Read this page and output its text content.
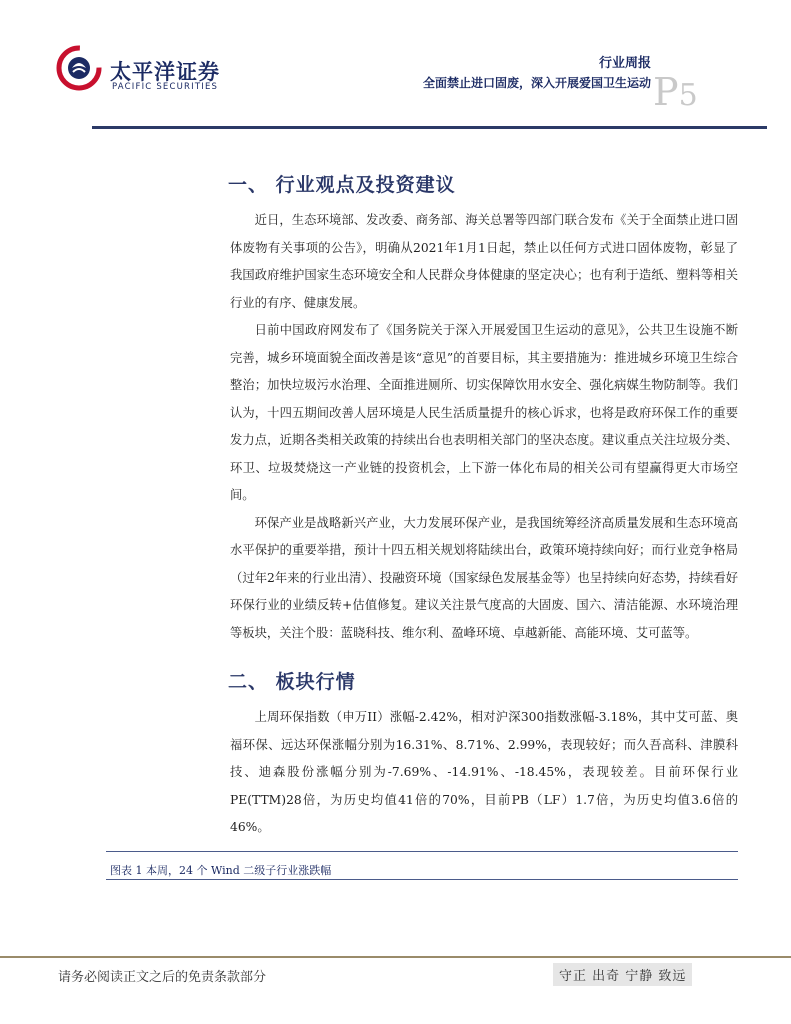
太平洋证券
PACIFIC SECURITIES
行业周报
全面禁止进口固废，深入开展爱国卫生运动 P5
一、 行业观点及投资建议

近日，生态环境部、发改委、商务部、海关总署等四部门联合发布《关于全面禁止进口固体废物有关事项的公告》，明确从2021年1月1日起，禁止以任何方式进口固体废物，彰显了我国政府维护国家生态环境安全和人民群众身体健康的坚定决心；也有利于造纸、塑料等相关行业的有序、健康发展。

日前中国政府网发布了《国务院关于深入开展爱国卫生运动的意见》，公共卫生设施不断完善，城乡环境面貌全面改善是该“意见”的首要目标，其主要措施为：推进城乡环境卫生综合整治；加快垃圾污水治理、全面推进厕所、切实保障饮用水安全、强化病媒生物防制等。我们认为，十四五期间改善人居环境是人民生活质量提升的核心诉求，也将是政府环保工作的重要发力点，近期各类相关政策的持续出台也表明相关部门的坚决态度。建议重点关注垃圾分类、环卫、垃圾焚烧这一产业链的投资机会，上下游一体化布局的相关公司有望赢得更大市场空间。

环保产业是战略新兴产业，大力发展环保产业，是我国统筹经济高质量发展和生态环境高水平保护的重要举措，预计十四五相关规划将陆续出台，政策环境持续向好；而行业竞争格局（过年2年来的行业出清）、投融资环境（国家绿色发展基金等）也呈持续向好态势，持续看好环保行业的业绩反转+估值修复。建议关注景气度高的大固废、国六、清洁能源、水环境治理等板块，关注个股：蓝晓科技、维尔利、盈峰环境、卓越新能、高能环境、艾可蓝等。

二、 板块行情

上周环保指数（申万II）涨幅-2.42%，相对沪深300指数涨幅-3.18%，其中艾可蓝、奥福环保、远达环保涨幅分别为16.31%、8.71%、2.99%，表现较好；而久吾高科、津膜科技、迪森股份涨幅分别为-7.69%、-14.91%、-18.45%，表现较差。目前环保行业PE(TTM)28倍，为历史均值41倍的70%，目前PB（LF）1.7倍，为历史均值3.6倍的46%。

图表 1 本周，24 个 Wind 二级子行业涨跌幅
请务必阅读正文之后的免责条款部分	守正 出奇 宁静 致远
